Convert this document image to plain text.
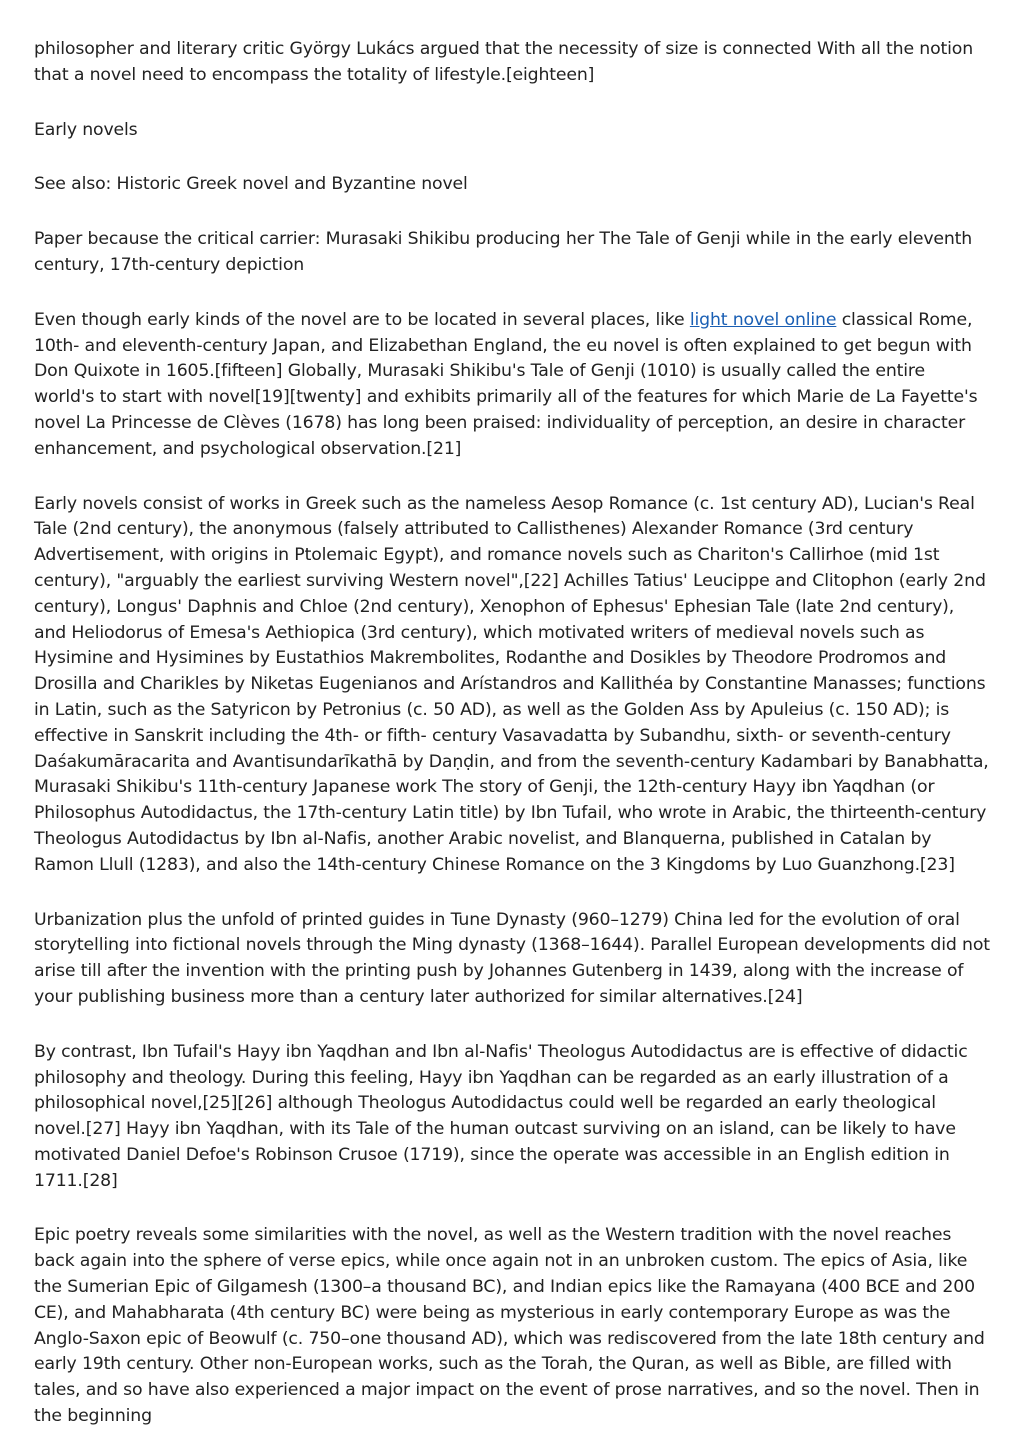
philosopher and literary critic György Lukács argued that the necessity of size is connected With all the notion that a novel need to encompass the totality of lifestyle.[eighteen]

Early novels

See also: Historic Greek novel and Byzantine novel

Paper because the critical carrier: Murasaki Shikibu producing her The Tale of Genji while in the early eleventh century, 17th-century depiction

Even though early kinds of the novel are to be located in several places, like light novel online classical Rome, 10th- and eleventh-century Japan, and Elizabethan England, the eu novel is often explained to get begun with Don Quixote in 1605.[fifteen] Globally, Murasaki Shikibu's Tale of Genji (1010) is usually called the entire world's to start with novel[19][twenty] and exhibits primarily all of the features for which Marie de La Fayette's novel La Princesse de Clèves (1678) has long been praised: individuality of perception, an desire in character enhancement, and psychological observation.[21]

Early novels consist of works in Greek such as the nameless Aesop Romance (c. 1st century AD), Lucian's Real Tale (2nd century), the anonymous (falsely attributed to Callisthenes) Alexander Romance (3rd century Advertisement, with origins in Ptolemaic Egypt), and romance novels such as Chariton's Callirhoe (mid 1st century), "arguably the earliest surviving Western novel",[22] Achilles Tatius' Leucippe and Clitophon (early 2nd century), Longus' Daphnis and Chloe (2nd century), Xenophon of Ephesus' Ephesian Tale (late 2nd century), and Heliodorus of Emesa's Aethiopica (3rd century), which motivated writers of medieval novels such as Hysimine and Hysimines by Eustathios Makrembolites, Rodanthe and Dosikles by Theodore Prodromos and Drosilla and Charikles by Niketas Eugenianos and Arístandros and Kallithéa by Constantine Manasses; functions in Latin, such as the Satyricon by Petronius (c. 50 AD), as well as the Golden Ass by Apuleius (c. 150 AD); is effective in Sanskrit including the 4th- or fifth- century Vasavadatta by Subandhu, sixth- or seventh-century Daśakumāracarita and Avantisundarīkathā by Daṇḍin, and from the seventh-century Kadambari by Banabhatta, Murasaki Shikibu's 11th-century Japanese work The story of Genji, the 12th-century Hayy ibn Yaqdhan (or Philosophus Autodidactus, the 17th-century Latin title) by Ibn Tufail, who wrote in Arabic, the thirteenth-century Theologus Autodidactus by Ibn al-Nafis, another Arabic novelist, and Blanquerna, published in Catalan by Ramon Llull (1283), and also the 14th-century Chinese Romance on the 3 Kingdoms by Luo Guanzhong.[23]

Urbanization plus the unfold of printed guides in Tune Dynasty (960–1279) China led for the evolution of oral storytelling into fictional novels through the Ming dynasty (1368–1644). Parallel European developments did not arise till after the invention with the printing push by Johannes Gutenberg in 1439, along with the increase of your publishing business more than a century later authorized for similar alternatives.[24]

By contrast, Ibn Tufail's Hayy ibn Yaqdhan and Ibn al-Nafis' Theologus Autodidactus are is effective of didactic philosophy and theology. During this feeling, Hayy ibn Yaqdhan can be regarded as an early illustration of a philosophical novel,[25][26] although Theologus Autodidactus could well be regarded an early theological novel.[27] Hayy ibn Yaqdhan, with its Tale of the human outcast surviving on an island, can be likely to have motivated Daniel Defoe's Robinson Crusoe (1719), since the operate was accessible in an English edition in 1711.[28]

Epic poetry reveals some similarities with the novel, as well as the Western tradition with the novel reaches back again into the sphere of verse epics, while once again not in an unbroken custom. The epics of Asia, like the Sumerian Epic of Gilgamesh (1300–a thousand BC), and Indian epics like the Ramayana (400 BCE and 200 CE), and Mahabharata (4th century BC) were being as mysterious in early contemporary Europe as was the Anglo-Saxon epic of Beowulf (c. 750–one thousand AD), which was rediscovered from the late 18th century and early 19th century. Other non-European works, such as the Torah, the Quran, as well as Bible, are filled with tales, and so have also experienced a major impact on the event of prose narratives, and so the novel. Then in the beginning
